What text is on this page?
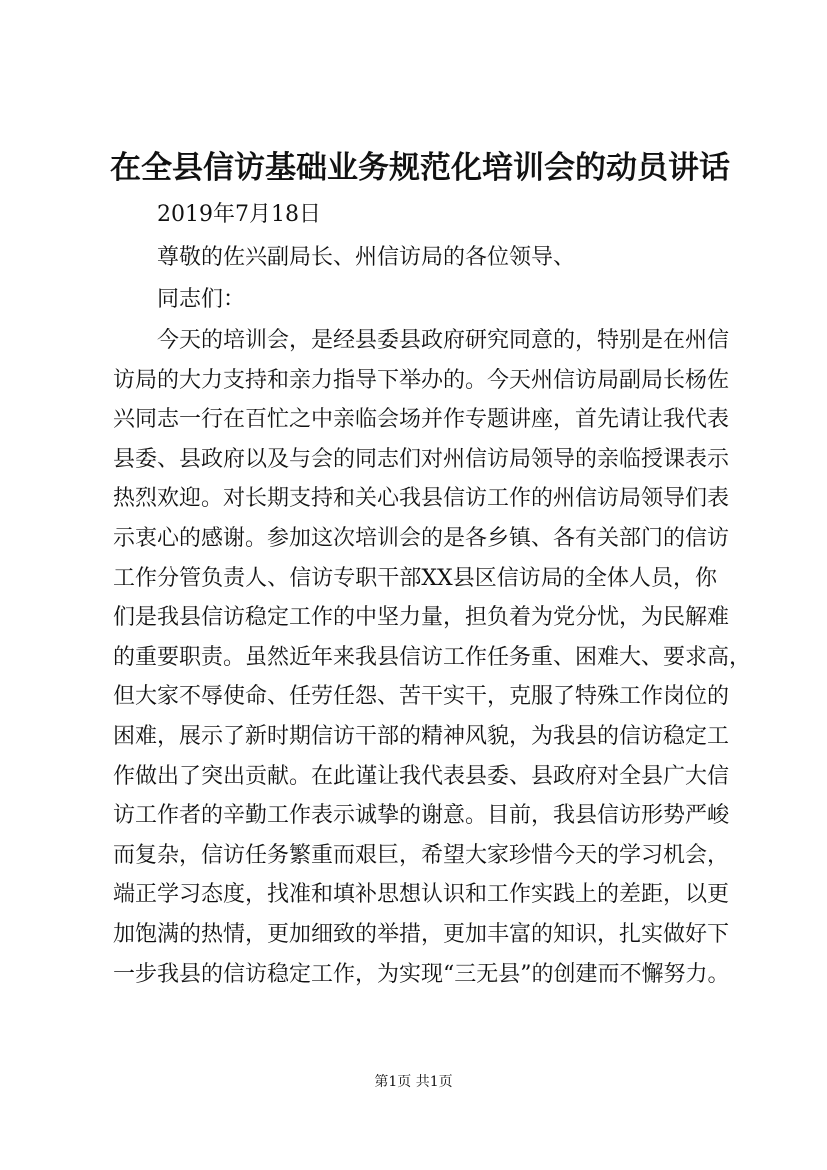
在全县信访基础业务规范化培训会的动员讲话

2019年7月18日

尊敬的佐兴副局长、州信访局的各位领导、

同志们：

今天的培训会，是经县委县政府研究同意的，特别是在州信
访局的大力支持和亲力指导下举办的。今天州信访局副局长杨佐
兴同志一行在百忙之中亲临会场并作专题讲座，首先请让我代表
县委、县政府以及与会的同志们对州信访局领导的亲临授课表示
热烈欢迎。对长期支持和关心我县信访工作的州信访局领导们表
示衷心的感谢。参加这次培训会的是各乡镇、各有关部门的信访
工作分管负责人、信访专职干部XX县区信访局的全体人员，你
们是我县信访稳定工作的中坚力量，担负着为党分忧，为民解难
的重要职责。虽然近年来我县信访工作任务重、困难大、要求高，
但大家不辱使命、任劳任怨、苦干实干，克服了特殊工作岗位的
困难，展示了新时期信访干部的精神风貌，为我县的信访稳定工
作做出了突出贡献。在此谨让我代表县委、县政府对全县广大信
访工作者的辛勤工作表示诚挚的谢意。目前，我县信访形势严峻
而复杂，信访任务繁重而艰巨，希望大家珍惜今天的学习机会，
端正学习态度，找准和填补思想认识和工作实践上的差距，以更
加饱满的热情，更加细致的举措，更加丰富的知识，扎实做好下
一步我县的信访稳定工作，为实现“三无县”的创建而不懈努力。

第1页 共1页
